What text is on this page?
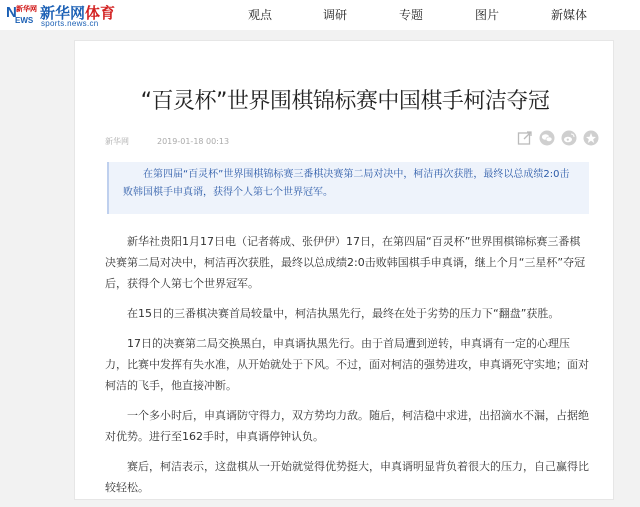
N 新华网
EWS 新华网体育
sports.news.cn
观点	调研	专题	图片	新媒体
“百灵杯”世界围棋锦标赛中国棋手柯洁夺冠
新华网	2019-01-18 00:13
在第四届“百灵杯”世界围棋锦标赛三番棋决赛第二局对决中，柯洁再次获胜，最终以总成绩2:0击败韩国棋手申真谞，获得个人第七个世界冠军。

新华社贵阳1月17日电（记者蒋成、张伊伊）17日，在第四届“百灵杯”世界围棋锦标赛三番棋决赛第二局对决中，柯洁再次获胜，最终以总成绩2:0击败韩国棋手申真谞，继上个月“三星杯”夺冠后，获得个人第七个世界冠军。

在15日的三番棋决赛首局较量中，柯洁执黑先行，最终在处于劣势的压力下“翻盘”获胜。

17日的决赛第二局交换黑白，申真谞执黑先行。由于首局遭到逆转，申真谞有一定的心理压力，比赛中发挥有失水准，从开始就处于下风。不过，面对柯洁的强势进攻，申真谞死守实地；面对柯洁的飞手，他直接冲断。

一个多小时后，申真谞防守得力，双方势均力敌。随后，柯洁稳中求进，出招滴水不漏，占据绝对优势。进行至162手时，申真谞停钟认负。

赛后，柯洁表示，这盘棋从一开始就觉得优势挺大，申真谞明显背负着很大的压力，自己赢得比较轻松。
